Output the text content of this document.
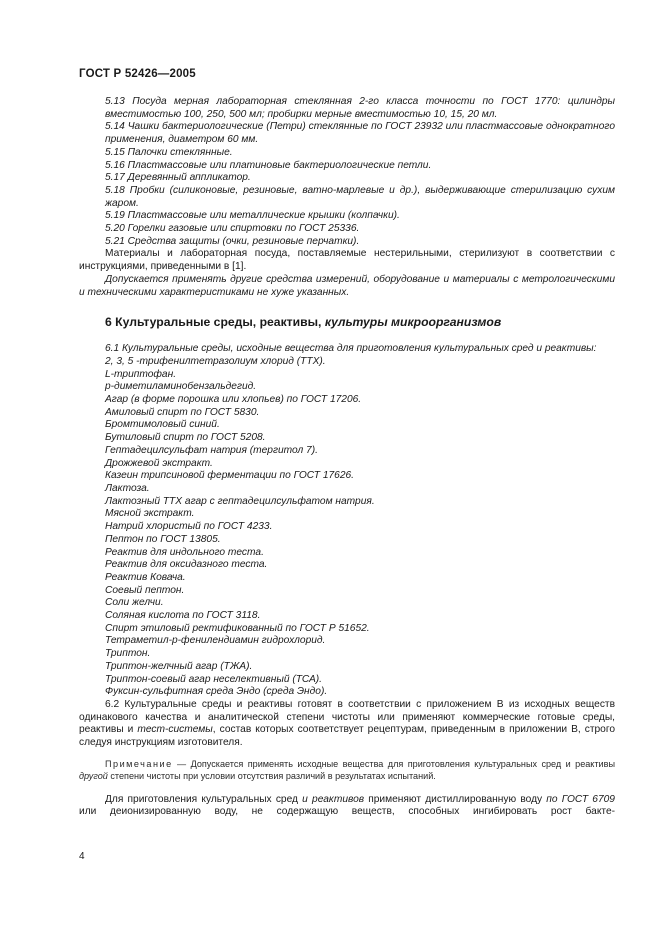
ГОСТ Р 52426—2005

5.13 Посуда мерная лабораторная стеклянная 2-го класса точности по ГОСТ 1770: цилиндры вместимостью 100, 250, 500 мл; пробирки мерные вместимостью 10, 15, 20 мл.

5.14 Чашки бактериологические (Петри) стеклянные по ГОСТ 23932 или пластмассовые однократного применения, диаметром 60 мм.

5.15 Палочки стеклянные.

5.16 Пластмассовые или платиновые бактериологические петли.

5.17 Деревянный аппликатор.

5.18 Пробки (силиконовые, резиновые, ватно-марлевые и др.), выдерживающие стерилизацию сухим жаром.

5.19 Пластмассовые или металлические крышки (колпачки).

5.20 Горелки газовые или спиртовки по ГОСТ 25336.

5.21 Средства защиты (очки, резиновые перчатки).

Материалы и лабораторная посуда, поставляемые нестерильными, стерилизуют в соответствии с инструкциями, приведенными в [1].

Допускается применять другие средства измерений, оборудование и материалы с метрологическими и техническими характеристиками не хуже указанных.

6 Культуральные среды, реактивы, культуры микроорганизмов

6.1 Культуральные среды, исходные вещества для приготовления культуральных сред и реактивы:

2, 3, 5 -трифенилтетразолиум хлорид (ТТХ).

L-триптофан.

р-диметиламинобензальдегид.

Агар (в форме порошка или хлопьев) по ГОСТ 17206.

Амиловый спирт по ГОСТ 5830.

Бромтимоловый синий.

Бутиловый спирт по ГОСТ 5208.

Гептадецилсульфат натрия (тергитол 7).

Дрожжевой экстракт.

Казеин трипсиновой ферментации по ГОСТ 17626.

Лактоза.

Лактозный ТТХ агар с гептадецилсульфатом натрия.

Мясной экстракт.

Натрий хлористый по ГОСТ 4233.

Пептон по ГОСТ 13805.

Реактив для индольного теста.

Реактив для оксидазного теста.

Реактив Ковача.

Соевый пептон.

Соли желчи.

Соляная кислота по ГОСТ 3118.

Спирт этиловый ректификованный по ГОСТ Р 51652.

Тетраметил-р-фенилендиамин гидрохлорид.

Триптон.

Триптон-желчный агар (ТЖА).

Триптон-соевый агар неселективный (ТСА).

Фуксин-сульфитная среда Эндо (среда Эндо).

6.2 Культуральные среды и реактивы готовят в соответствии с приложением В из исходных веществ одинакового качества и аналитической степени чистоты или применяют коммерческие готовые среды, реактивы и тест-системы, состав которых соответствует рецептурам, приведенным в приложении В, строго следуя инструкциям изготовителя.

Примечание — Допускается применять исходные вещества для приготовления культуральных сред и реактивы другой степени чистоты при условии отсутствия различий в результатах испытаний.

Для приготовления культуральных сред и реактивов применяют дистиллированную воду по ГОСТ 6709 или деионизированную воду, не содержащую веществ, способных ингибировать рост бакте-

4
